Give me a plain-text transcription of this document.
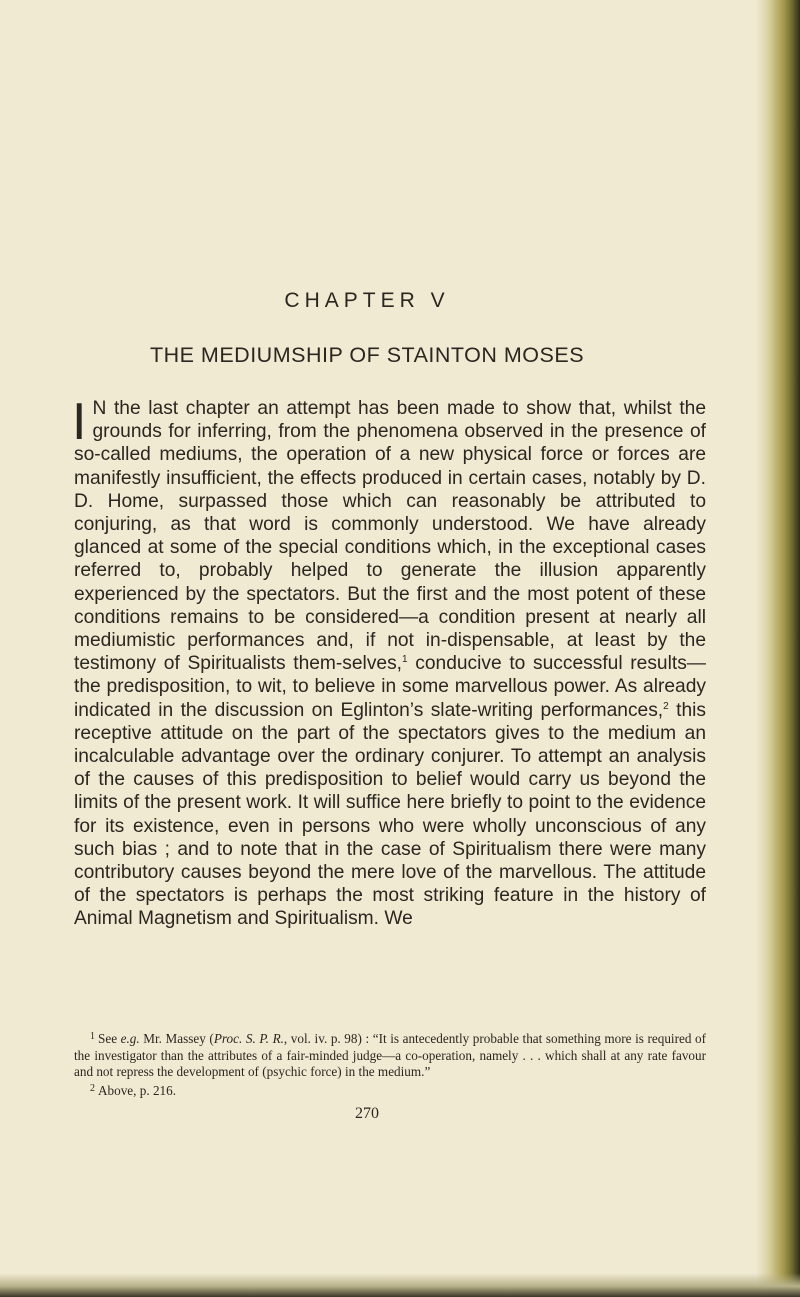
CHAPTER V
THE MEDIUMSHIP OF STAINTON MOSES

I N the last chapter an attempt has been made to show that, whilst the grounds for inferring, from the phenomena observed in the presence of so-called mediums, the operation of a new physical force or forces are manifestly insufficient, the effects produced in certain cases, notably by D. D. Home, surpassed those which can reasonably be attributed to conjuring, as that word is commonly understood. We have already glanced at some of the special conditions which, in the exceptional cases referred to, probably helped to generate the illusion apparently experienced by the spectators. But the first and the most potent of these conditions remains to be considered—a condition present at nearly all mediumistic performances and, if not in-dispensable, at least by the testimony of Spiritualists them-selves,$^1$ conducive to successful results—the predisposition, to wit, to believe in some marvellous power. As already indicated in the discussion on Eglinton’s slate-writing performances,$^2$ this receptive attitude on the part of the spectators gives to the medium an incalculable advantage over the ordinary conjurer. To attempt an analysis of the causes of this predisposition to belief would carry us beyond the limits of the present work. It will suffice here briefly to point to the evidence for its existence, even in persons who were wholly unconscious of any such bias ; and to note that in the case of Spiritualism there were many contributory causes beyond the mere love of the marvellous. The attitude of the spectators is perhaps the most striking feature in the history of Animal Magnetism and Spiritualism. We

$^1$ See e.g. Mr. Massey (Proc. S. P. R., vol. iv. p. 98) : “It is antecedently probable that something more is required of the investigator than the attributes of a fair-minded judge—a co-operation, namely . . . which shall at any rate favour and not repress the development of (psychic force) in the medium.”

$^2$ Above, p. 216.

270
